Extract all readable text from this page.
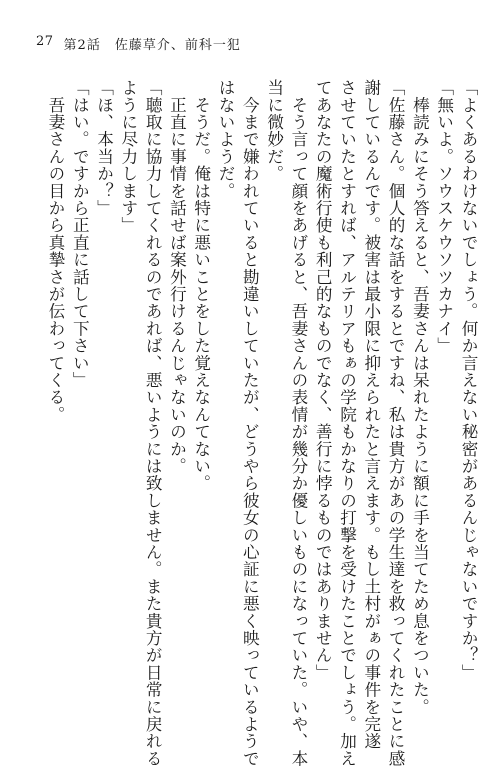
27 第2話　佐藤草介、前科一犯
「よくあるわけないでしょう。何か言えない秘密があるんじゃないですか？」
「無いよ。ソウスケウソツカナイ」
　棒読みにそう答えると、吾妻さんは呆れたように額に手を当てため息をついた。
「佐藤さん。個人的な話をするとですね、私は貴方があの学生達を救ってくれたことに感
謝しているんです。被害は最小限に抑えられたと言えます。もし土村がぁの事件を完遂
させていたとすれば、アルテリアもぁの学院もかなりの打撃を受けたことでしょう。加え
てあなたの魔術行使も利己的なものでなく、善行に悖るものではありません」
　そう言って顔をあげると、吾妻さんの表情が幾分か優しいものになっていた。いや、本
当に微妙だ。
　今まで嫌われていると勘違いしていたが、どうやら彼女の心証に悪く映っているようで
はないようだ。
　そうだ。俺は特に悪いことをした覚えなんてない。
　正直に事情を話せば案外行けるんじゃないのか。
「聴取に協力してくれるのであれば、悪いようには致しません。また貴方が日常に戻れる
ように尽力します」
「ほ、本当か？」
「はい。ですから正直に話して下さい」
　吾妻さんの目から真摯さが伝わってくる。
